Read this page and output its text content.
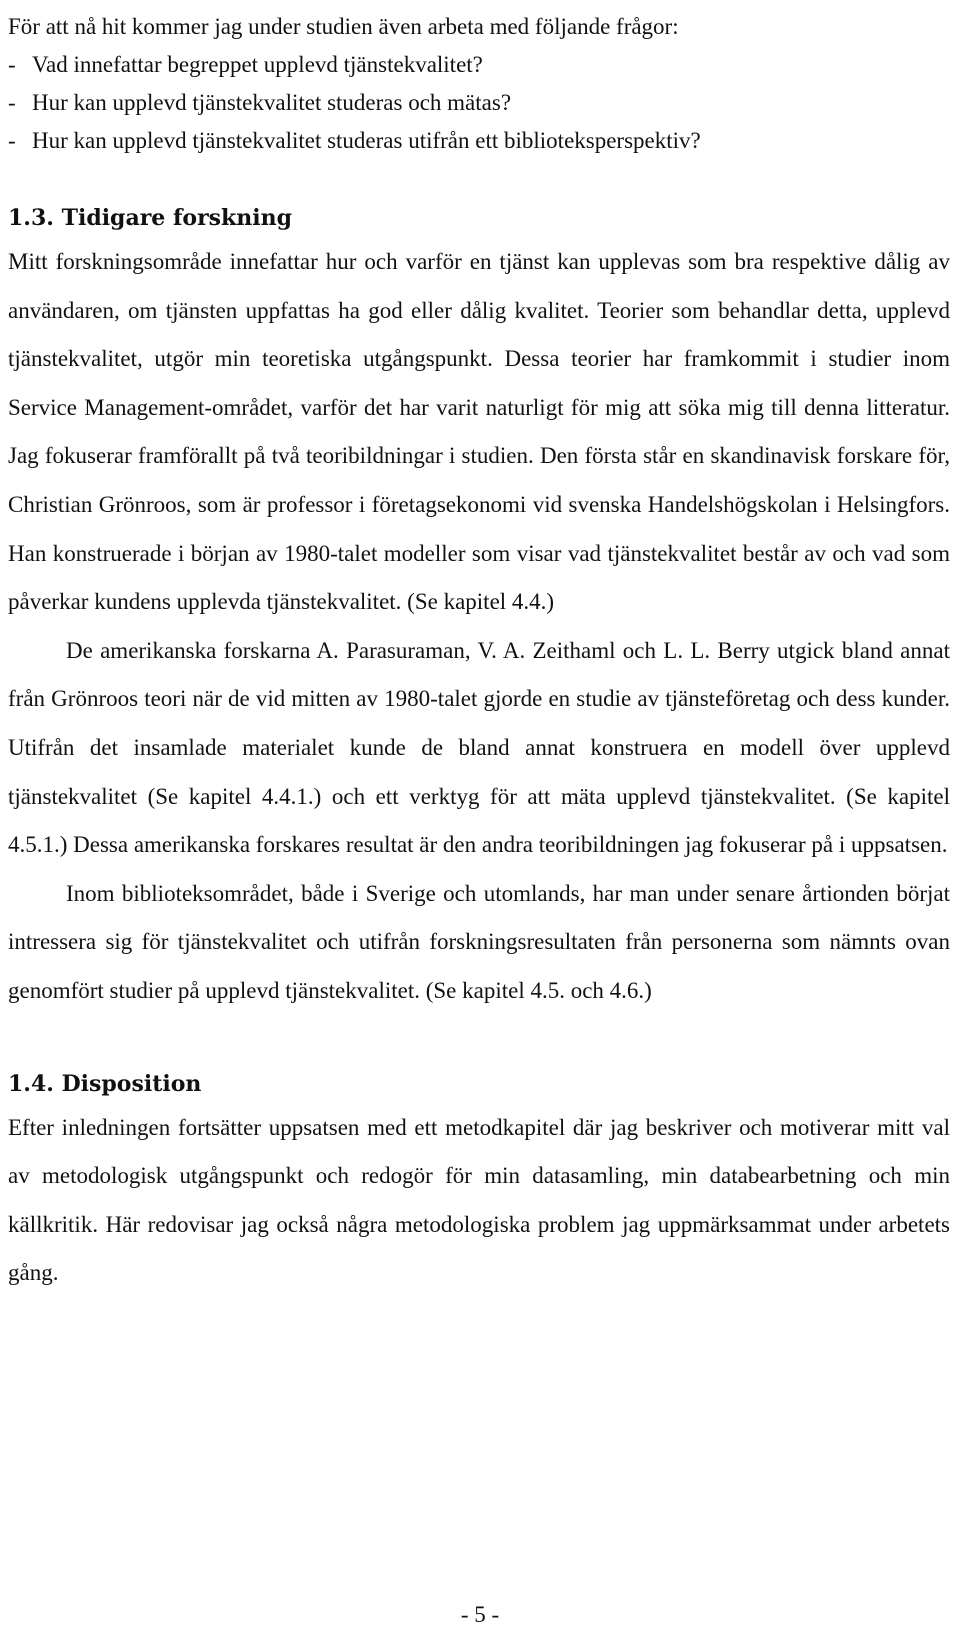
För att nå hit kommer jag under studien även arbeta med följande frågor:

- Vad innefattar begreppet upplevd tjänstekvalitet?

- Hur kan upplevd tjänstekvalitet studeras och mätas?

- Hur kan upplevd tjänstekvalitet studeras utifrån ett biblioteksperspektiv?

1.3. Tidigare forskning

Mitt forskningsområde innefattar hur och varför en tjänst kan upplevas som bra respektive dålig av användaren, om tjänsten uppfattas ha god eller dålig kvalitet. Teorier som behandlar detta, upplevd tjänstekvalitet, utgör min teoretiska utgångspunkt. Dessa teorier har framkommit i studier inom Service Management-området, varför det har varit naturligt för mig att söka mig till denna litteratur. Jag fokuserar framförallt på två teoribildningar i studien. Den första står en skandinavisk forskare för, Christian Grönroos, som är professor i företagsekonomi vid svenska Handelshögskolan i Helsingfors. Han konstruerade i början av 1980-talet modeller som visar vad tjänstekvalitet består av och vad som påverkar kundens upplevda tjänstekvalitet. (Se kapitel 4.4.)

De amerikanska forskarna A. Parasuraman, V. A. Zeithaml och L. L. Berry utgick bland annat från Grönroos teori när de vid mitten av 1980-talet gjorde en studie av tjänsteföretag och dess kunder. Utifrån det insamlade materialet kunde de bland annat konstruera en modell över upplevd tjänstekvalitet (Se kapitel 4.4.1.) och ett verktyg för att mäta upplevd tjänstekvalitet. (Se kapitel 4.5.1.) Dessa amerikanska forskares resultat är den andra teoribildningen jag fokuserar på i uppsatsen.

Inom biblioteksområdet, både i Sverige och utomlands, har man under senare årtionden börjat intressera sig för tjänstekvalitet och utifrån forskningsresultaten från personerna som nämnts ovan genomfört studier på upplevd tjänstekvalitet. (Se kapitel 4.5. och 4.6.)

1.4. Disposition

Efter inledningen fortsätter uppsatsen med ett metodkapitel där jag beskriver och motiverar mitt val av metodologisk utgångspunkt och redogör för min datasamling, min databearbetning och min källkritik. Här redovisar jag också några metodologiska problem jag uppmärksammat under arbetets gång.

- 5 -
